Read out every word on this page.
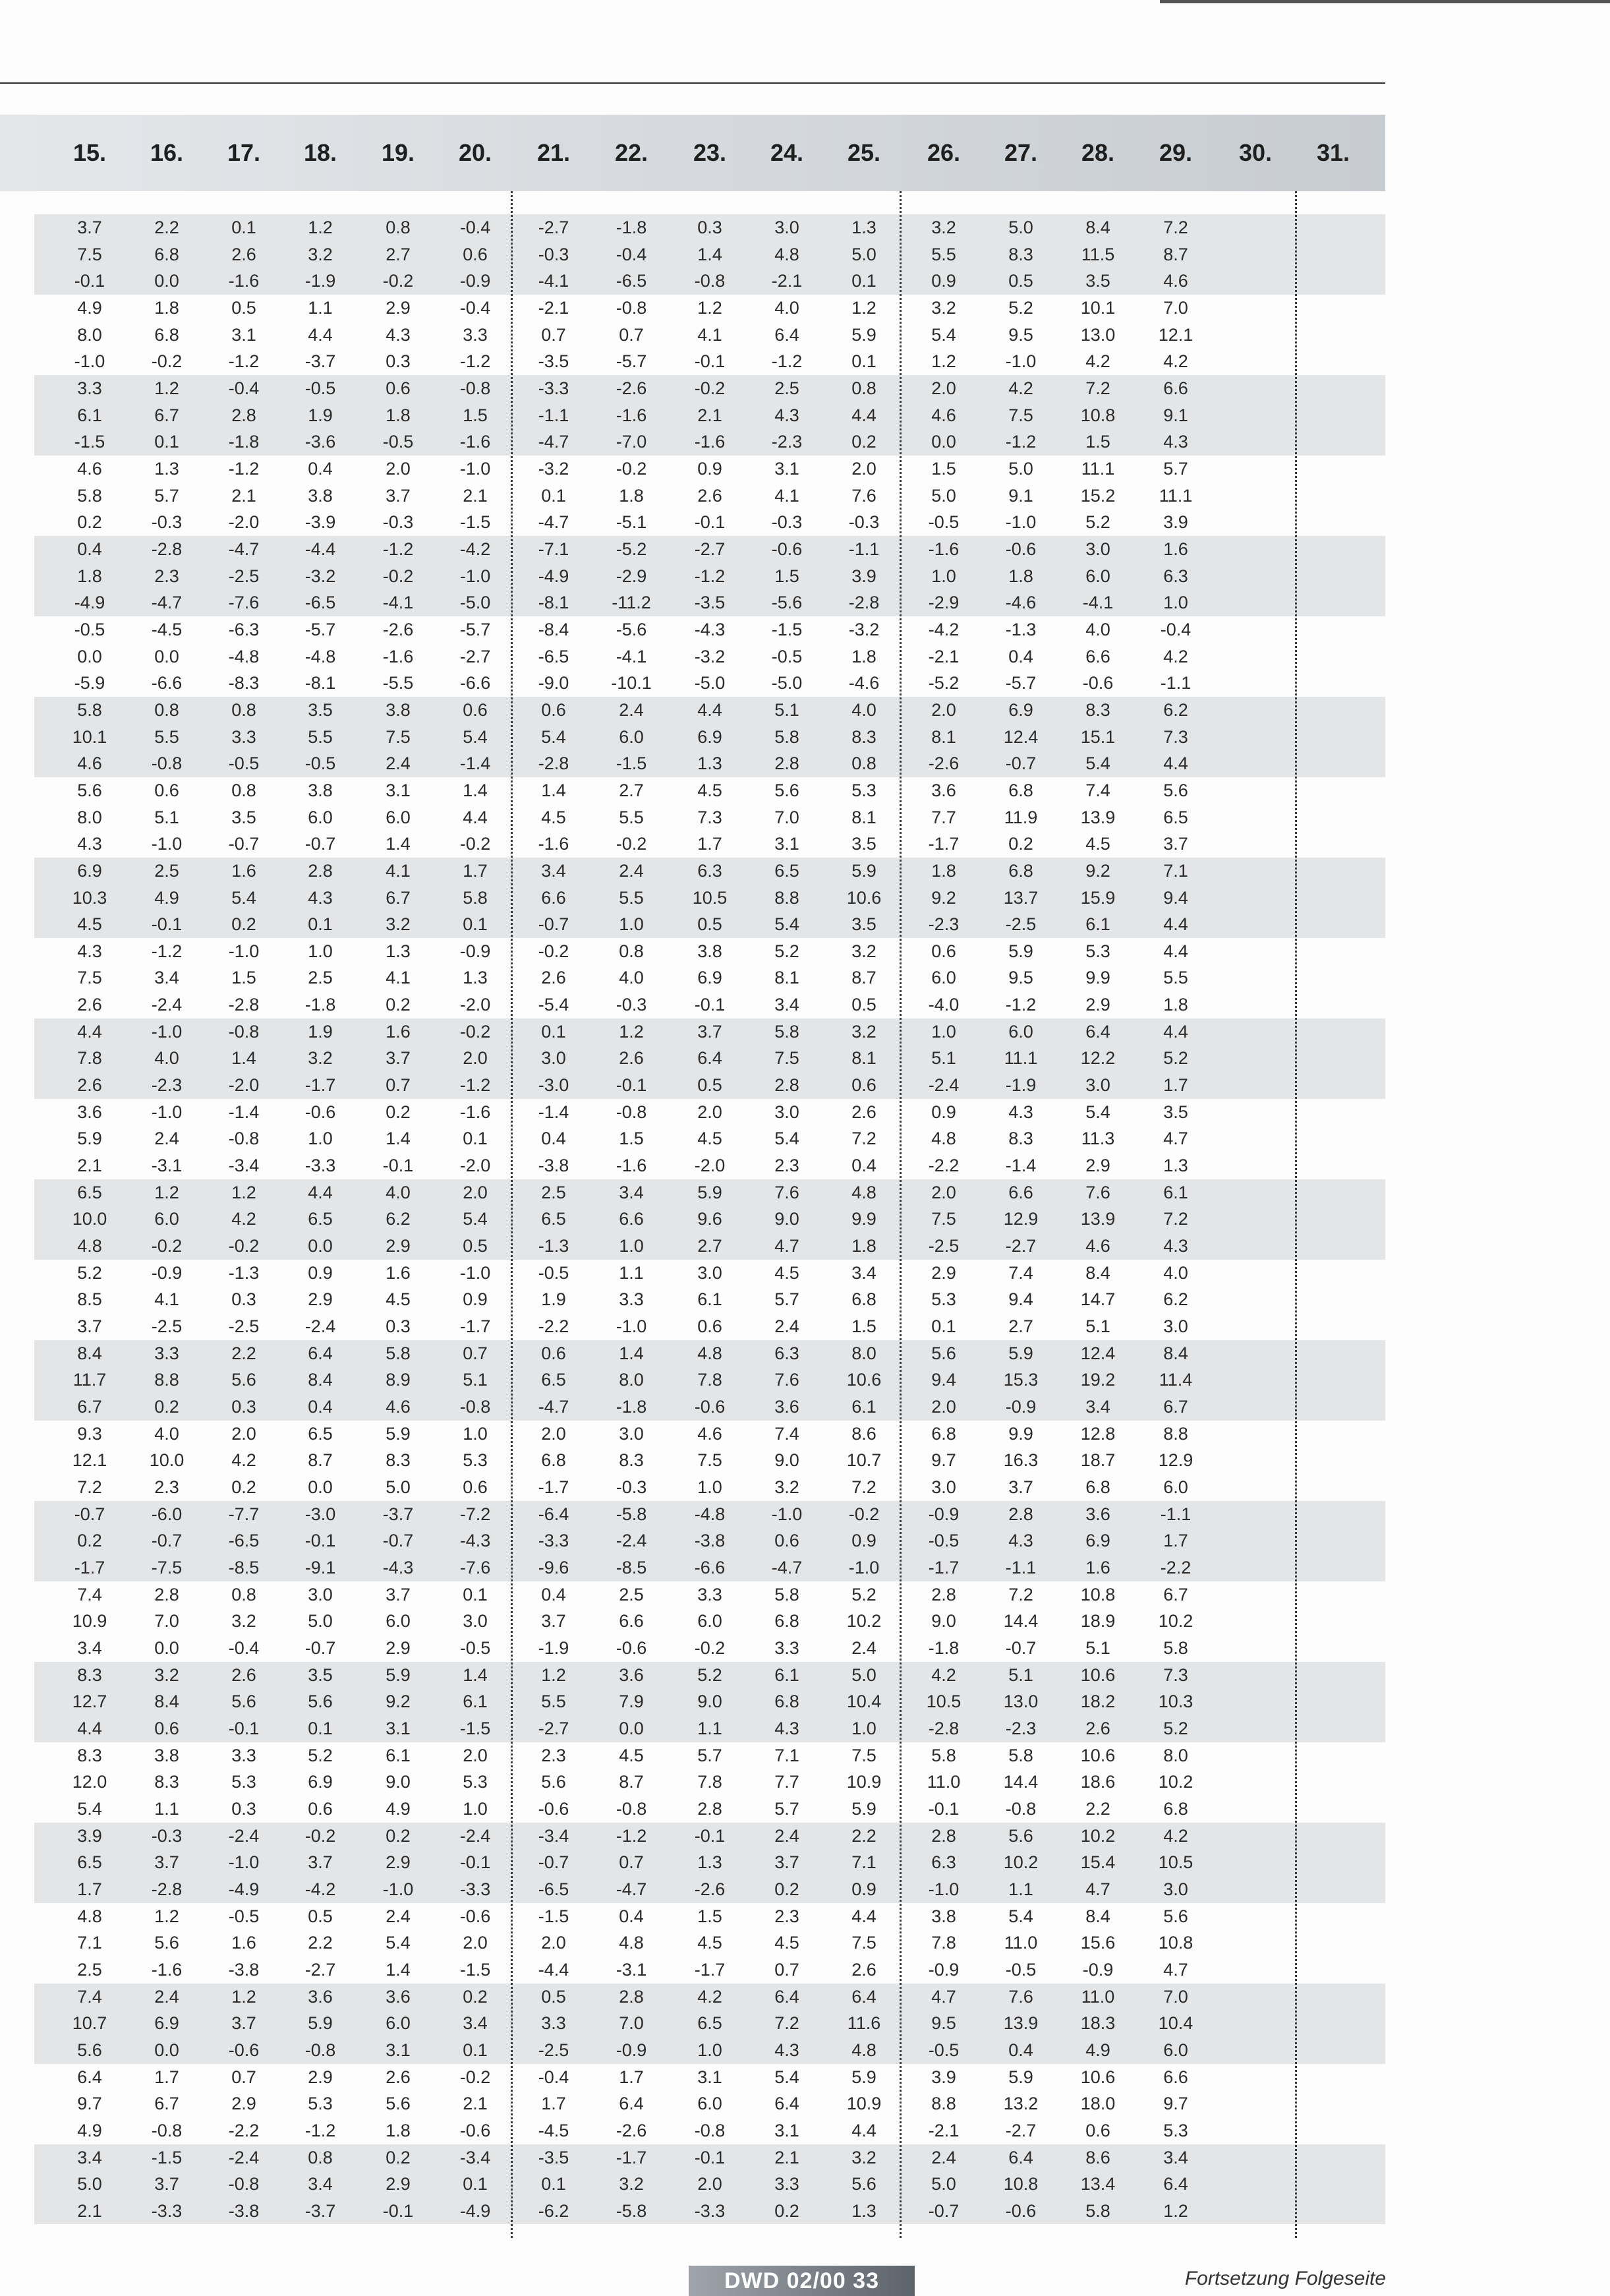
15.	16.	17.	18.	19.	20.	21.	22.	23.	24.	25.	26.	27.	28.	29.	30.	31.
3.7	2.2	0.1	1.2	0.8	-0.4	-2.7	-1.8	0.3	3.0	1.3	3.2	5.0	8.4	7.2
7.5	6.8	2.6	3.2	2.7	0.6	-0.3	-0.4	1.4	4.8	5.0	5.5	8.3	11.5	8.7
-0.1	0.0	-1.6	-1.9	-0.2	-0.9	-4.1	-6.5	-0.8	-2.1	0.1	0.9	0.5	3.5	4.6
4.9	1.8	0.5	1.1	2.9	-0.4	-2.1	-0.8	1.2	4.0	1.2	3.2	5.2	10.1	7.0
8.0	6.8	3.1	4.4	4.3	3.3	0.7	0.7	4.1	6.4	5.9	5.4	9.5	13.0	12.1
-1.0	-0.2	-1.2	-3.7	0.3	-1.2	-3.5	-5.7	-0.1	-1.2	0.1	1.2	-1.0	4.2	4.2
3.3	1.2	-0.4	-0.5	0.6	-0.8	-3.3	-2.6	-0.2	2.5	0.8	2.0	4.2	7.2	6.6
6.1	6.7	2.8	1.9	1.8	1.5	-1.1	-1.6	2.1	4.3	4.4	4.6	7.5	10.8	9.1
-1.5	0.1	-1.8	-3.6	-0.5	-1.6	-4.7	-7.0	-1.6	-2.3	0.2	0.0	-1.2	1.5	4.3
4.6	1.3	-1.2	0.4	2.0	-1.0	-3.2	-0.2	0.9	3.1	2.0	1.5	5.0	11.1	5.7
5.8	5.7	2.1	3.8	3.7	2.1	0.1	1.8	2.6	4.1	7.6	5.0	9.1	15.2	11.1
0.2	-0.3	-2.0	-3.9	-0.3	-1.5	-4.7	-5.1	-0.1	-0.3	-0.3	-0.5	-1.0	5.2	3.9
0.4	-2.8	-4.7	-4.4	-1.2	-4.2	-7.1	-5.2	-2.7	-0.6	-1.1	-1.6	-0.6	3.0	1.6
1.8	2.3	-2.5	-3.2	-0.2	-1.0	-4.9	-2.9	-1.2	1.5	3.9	1.0	1.8	6.0	6.3
-4.9	-4.7	-7.6	-6.5	-4.1	-5.0	-8.1	-11.2	-3.5	-5.6	-2.8	-2.9	-4.6	-4.1	1.0
-0.5	-4.5	-6.3	-5.7	-2.6	-5.7	-8.4	-5.6	-4.3	-1.5	-3.2	-4.2	-1.3	4.0	-0.4
0.0	0.0	-4.8	-4.8	-1.6	-2.7	-6.5	-4.1	-3.2	-0.5	1.8	-2.1	0.4	6.6	4.2
-5.9	-6.6	-8.3	-8.1	-5.5	-6.6	-9.0	-10.1	-5.0	-5.0	-4.6	-5.2	-5.7	-0.6	-1.1
5.8	0.8	0.8	3.5	3.8	0.6	0.6	2.4	4.4	5.1	4.0	2.0	6.9	8.3	6.2
10.1	5.5	3.3	5.5	7.5	5.4	5.4	6.0	6.9	5.8	8.3	8.1	12.4	15.1	7.3
4.6	-0.8	-0.5	-0.5	2.4	-1.4	-2.8	-1.5	1.3	2.8	0.8	-2.6	-0.7	5.4	4.4
5.6	0.6	0.8	3.8	3.1	1.4	1.4	2.7	4.5	5.6	5.3	3.6	6.8	7.4	5.6
8.0	5.1	3.5	6.0	6.0	4.4	4.5	5.5	7.3	7.0	8.1	7.7	11.9	13.9	6.5
4.3	-1.0	-0.7	-0.7	1.4	-0.2	-1.6	-0.2	1.7	3.1	3.5	-1.7	0.2	4.5	3.7
6.9	2.5	1.6	2.8	4.1	1.7	3.4	2.4	6.3	6.5	5.9	1.8	6.8	9.2	7.1
10.3	4.9	5.4	4.3	6.7	5.8	6.6	5.5	10.5	8.8	10.6	9.2	13.7	15.9	9.4
4.5	-0.1	0.2	0.1	3.2	0.1	-0.7	1.0	0.5	5.4	3.5	-2.3	-2.5	6.1	4.4
4.3	-1.2	-1.0	1.0	1.3	-0.9	-0.2	0.8	3.8	5.2	3.2	0.6	5.9	5.3	4.4
7.5	3.4	1.5	2.5	4.1	1.3	2.6	4.0	6.9	8.1	8.7	6.0	9.5	9.9	5.5
2.6	-2.4	-2.8	-1.8	0.2	-2.0	-5.4	-0.3	-0.1	3.4	0.5	-4.0	-1.2	2.9	1.8
4.4	-1.0	-0.8	1.9	1.6	-0.2	0.1	1.2	3.7	5.8	3.2	1.0	6.0	6.4	4.4
7.8	4.0	1.4	3.2	3.7	2.0	3.0	2.6	6.4	7.5	8.1	5.1	11.1	12.2	5.2
2.6	-2.3	-2.0	-1.7	0.7	-1.2	-3.0	-0.1	0.5	2.8	0.6	-2.4	-1.9	3.0	1.7
3.6	-1.0	-1.4	-0.6	0.2	-1.6	-1.4	-0.8	2.0	3.0	2.6	0.9	4.3	5.4	3.5
5.9	2.4	-0.8	1.0	1.4	0.1	0.4	1.5	4.5	5.4	7.2	4.8	8.3	11.3	4.7
2.1	-3.1	-3.4	-3.3	-0.1	-2.0	-3.8	-1.6	-2.0	2.3	0.4	-2.2	-1.4	2.9	1.3
6.5	1.2	1.2	4.4	4.0	2.0	2.5	3.4	5.9	7.6	4.8	2.0	6.6	7.6	6.1
10.0	6.0	4.2	6.5	6.2	5.4	6.5	6.6	9.6	9.0	9.9	7.5	12.9	13.9	7.2
4.8	-0.2	-0.2	0.0	2.9	0.5	-1.3	1.0	2.7	4.7	1.8	-2.5	-2.7	4.6	4.3
5.2	-0.9	-1.3	0.9	1.6	-1.0	-0.5	1.1	3.0	4.5	3.4	2.9	7.4	8.4	4.0
8.5	4.1	0.3	2.9	4.5	0.9	1.9	3.3	6.1	5.7	6.8	5.3	9.4	14.7	6.2
3.7	-2.5	-2.5	-2.4	0.3	-1.7	-2.2	-1.0	0.6	2.4	1.5	0.1	2.7	5.1	3.0
8.4	3.3	2.2	6.4	5.8	0.7	0.6	1.4	4.8	6.3	8.0	5.6	5.9	12.4	8.4
11.7	8.8	5.6	8.4	8.9	5.1	6.5	8.0	7.8	7.6	10.6	9.4	15.3	19.2	11.4
6.7	0.2	0.3	0.4	4.6	-0.8	-4.7	-1.8	-0.6	3.6	6.1	2.0	-0.9	3.4	6.7
9.3	4.0	2.0	6.5	5.9	1.0	2.0	3.0	4.6	7.4	8.6	6.8	9.9	12.8	8.8
12.1	10.0	4.2	8.7	8.3	5.3	6.8	8.3	7.5	9.0	10.7	9.7	16.3	18.7	12.9
7.2	2.3	0.2	0.0	5.0	0.6	-1.7	-0.3	1.0	3.2	7.2	3.0	3.7	6.8	6.0
-0.7	-6.0	-7.7	-3.0	-3.7	-7.2	-6.4	-5.8	-4.8	-1.0	-0.2	-0.9	2.8	3.6	-1.1
0.2	-0.7	-6.5	-0.1	-0.7	-4.3	-3.3	-2.4	-3.8	0.6	0.9	-0.5	4.3	6.9	1.7
-1.7	-7.5	-8.5	-9.1	-4.3	-7.6	-9.6	-8.5	-6.6	-4.7	-1.0	-1.7	-1.1	1.6	-2.2
7.4	2.8	0.8	3.0	3.7	0.1	0.4	2.5	3.3	5.8	5.2	2.8	7.2	10.8	6.7
10.9	7.0	3.2	5.0	6.0	3.0	3.7	6.6	6.0	6.8	10.2	9.0	14.4	18.9	10.2
3.4	0.0	-0.4	-0.7	2.9	-0.5	-1.9	-0.6	-0.2	3.3	2.4	-1.8	-0.7	5.1	5.8
8.3	3.2	2.6	3.5	5.9	1.4	1.2	3.6	5.2	6.1	5.0	4.2	5.1	10.6	7.3
12.7	8.4	5.6	5.6	9.2	6.1	5.5	7.9	9.0	6.8	10.4	10.5	13.0	18.2	10.3
4.4	0.6	-0.1	0.1	3.1	-1.5	-2.7	0.0	1.1	4.3	1.0	-2.8	-2.3	2.6	5.2
8.3	3.8	3.3	5.2	6.1	2.0	2.3	4.5	5.7	7.1	7.5	5.8	5.8	10.6	8.0
12.0	8.3	5.3	6.9	9.0	5.3	5.6	8.7	7.8	7.7	10.9	11.0	14.4	18.6	10.2
5.4	1.1	0.3	0.6	4.9	1.0	-0.6	-0.8	2.8	5.7	5.9	-0.1	-0.8	2.2	6.8
3.9	-0.3	-2.4	-0.2	0.2	-2.4	-3.4	-1.2	-0.1	2.4	2.2	2.8	5.6	10.2	4.2
6.5	3.7	-1.0	3.7	2.9	-0.1	-0.7	0.7	1.3	3.7	7.1	6.3	10.2	15.4	10.5
1.7	-2.8	-4.9	-4.2	-1.0	-3.3	-6.5	-4.7	-2.6	0.2	0.9	-1.0	1.1	4.7	3.0
4.8	1.2	-0.5	0.5	2.4	-0.6	-1.5	0.4	1.5	2.3	4.4	3.8	5.4	8.4	5.6
7.1	5.6	1.6	2.2	5.4	2.0	2.0	4.8	4.5	4.5	7.5	7.8	11.0	15.6	10.8
2.5	-1.6	-3.8	-2.7	1.4	-1.5	-4.4	-3.1	-1.7	0.7	2.6	-0.9	-0.5	-0.9	4.7
7.4	2.4	1.2	3.6	3.6	0.2	0.5	2.8	4.2	6.4	6.4	4.7	7.6	11.0	7.0
10.7	6.9	3.7	5.9	6.0	3.4	3.3	7.0	6.5	7.2	11.6	9.5	13.9	18.3	10.4
5.6	0.0	-0.6	-0.8	3.1	0.1	-2.5	-0.9	1.0	4.3	4.8	-0.5	0.4	4.9	6.0
6.4	1.7	0.7	2.9	2.6	-0.2	-0.4	1.7	3.1	5.4	5.9	3.9	5.9	10.6	6.6
9.7	6.7	2.9	5.3	5.6	2.1	1.7	6.4	6.0	6.4	10.9	8.8	13.2	18.0	9.7
4.9	-0.8	-2.2	-1.2	1.8	-0.6	-4.5	-2.6	-0.8	3.1	4.4	-2.1	-2.7	0.6	5.3
3.4	-1.5	-2.4	0.8	0.2	-3.4	-3.5	-1.7	-0.1	2.1	3.2	2.4	6.4	8.6	3.4
5.0	3.7	-0.8	3.4	2.9	0.1	0.1	3.2	2.0	3.3	5.6	5.0	10.8	13.4	6.4
2.1	-3.3	-3.8	-3.7	-0.1	-4.9	-6.2	-5.8	-3.3	0.2	1.3	-0.7	-0.6	5.8	1.2
Fortsetzung Folgeseite
DWD 02/00 33
